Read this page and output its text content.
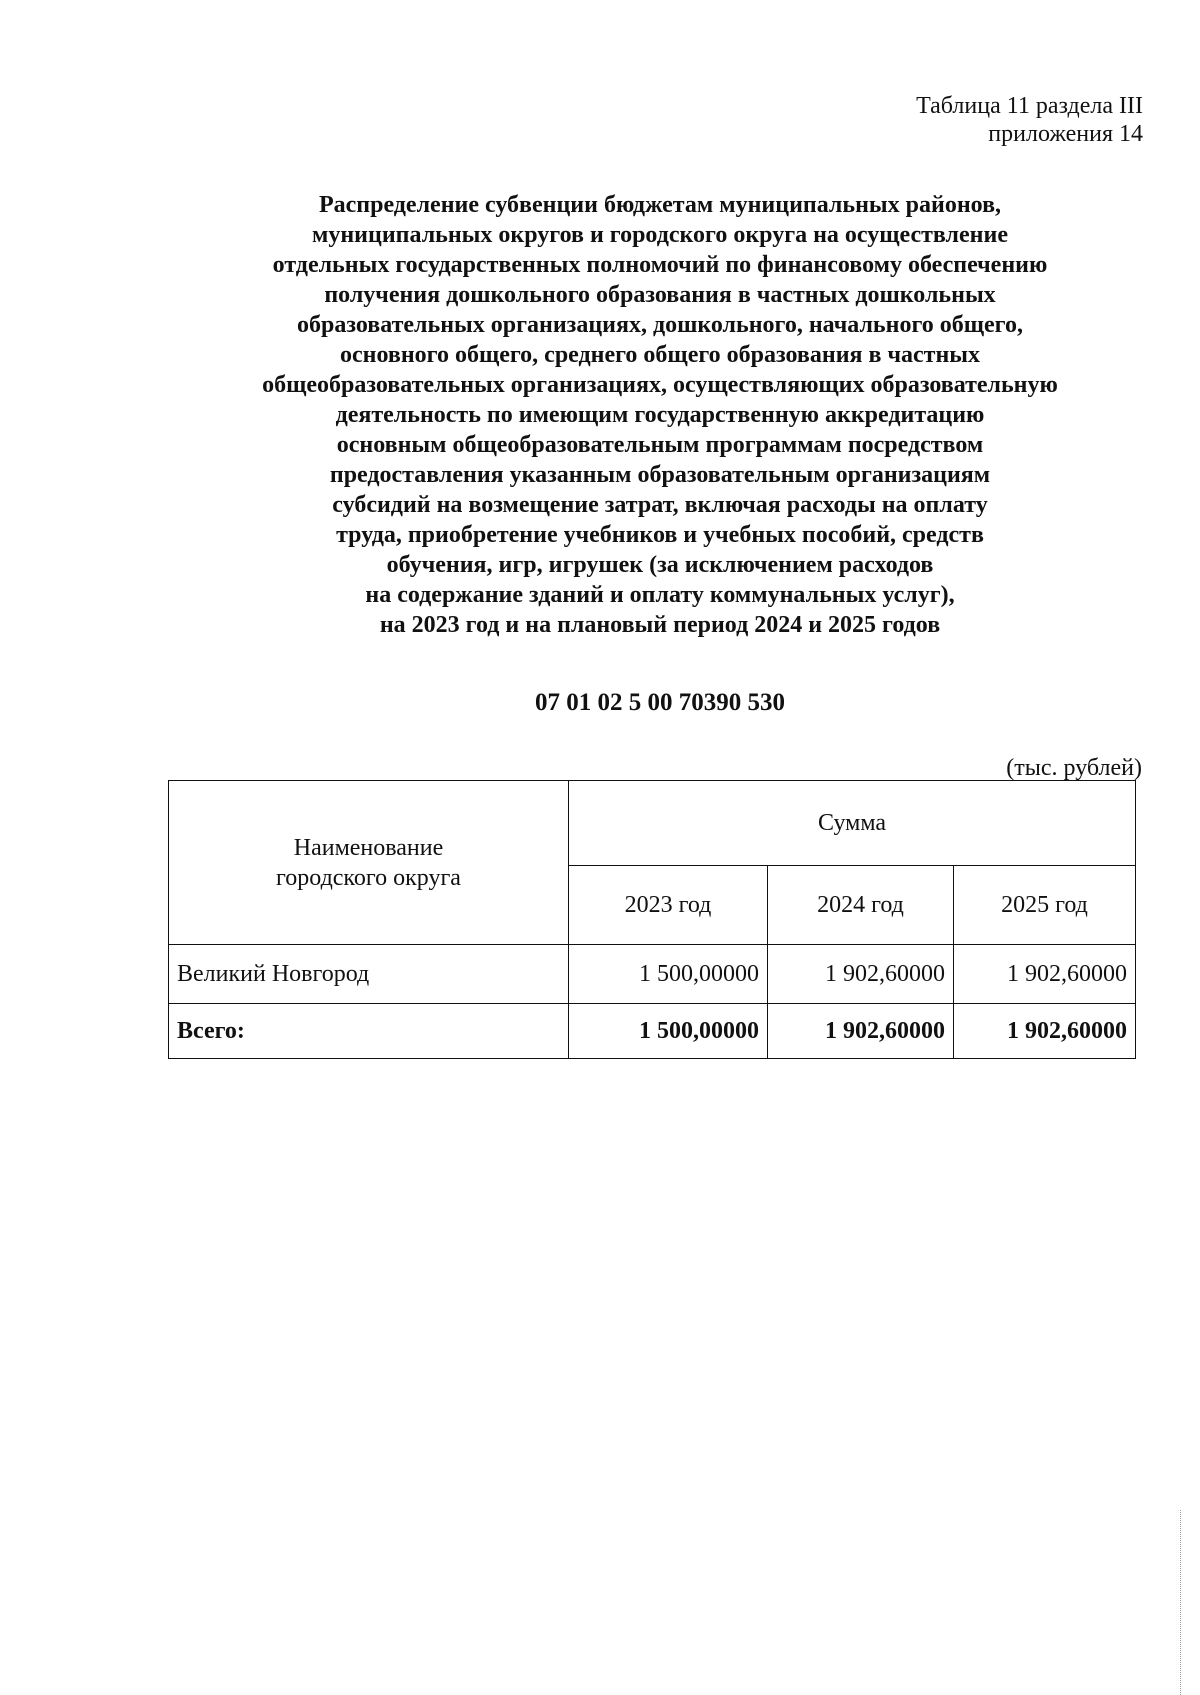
Таблица 11 раздела III
приложения 14
Распределение субвенции бюджетам муниципальных районов,
муниципальных округов и городского округа на осуществление
отдельных государственных полномочий по финансовому обеспечению
получения дошкольного образования в частных дошкольных
образовательных организациях, дошкольного, начального общего,
основного общего, среднего общего образования в частных
общеобразовательных организациях, осуществляющих образовательную
деятельность по имеющим государственную аккредитацию
основным общеобразовательным программам посредством
предоставления указанным образовательным организациям
субсидий на возмещение затрат, включая расходы на оплату
труда, приобретение учебников и учебных пособий, средств
обучения, игр, игрушек (за исключением расходов
на содержание зданий и оплату коммунальных услуг),
на 2023 год и на плановый период 2024 и 2025 годов
07 01 02 5 00 70390 530
(тыс. рублей)
Наименование
городского округа	Сумма		
	2023 год	2024 год	2025 год
Великий Новгород	1 500,00000	1 902,60000	1 902,60000
Всего:	1 500,00000	1 902,60000	1 902,60000
